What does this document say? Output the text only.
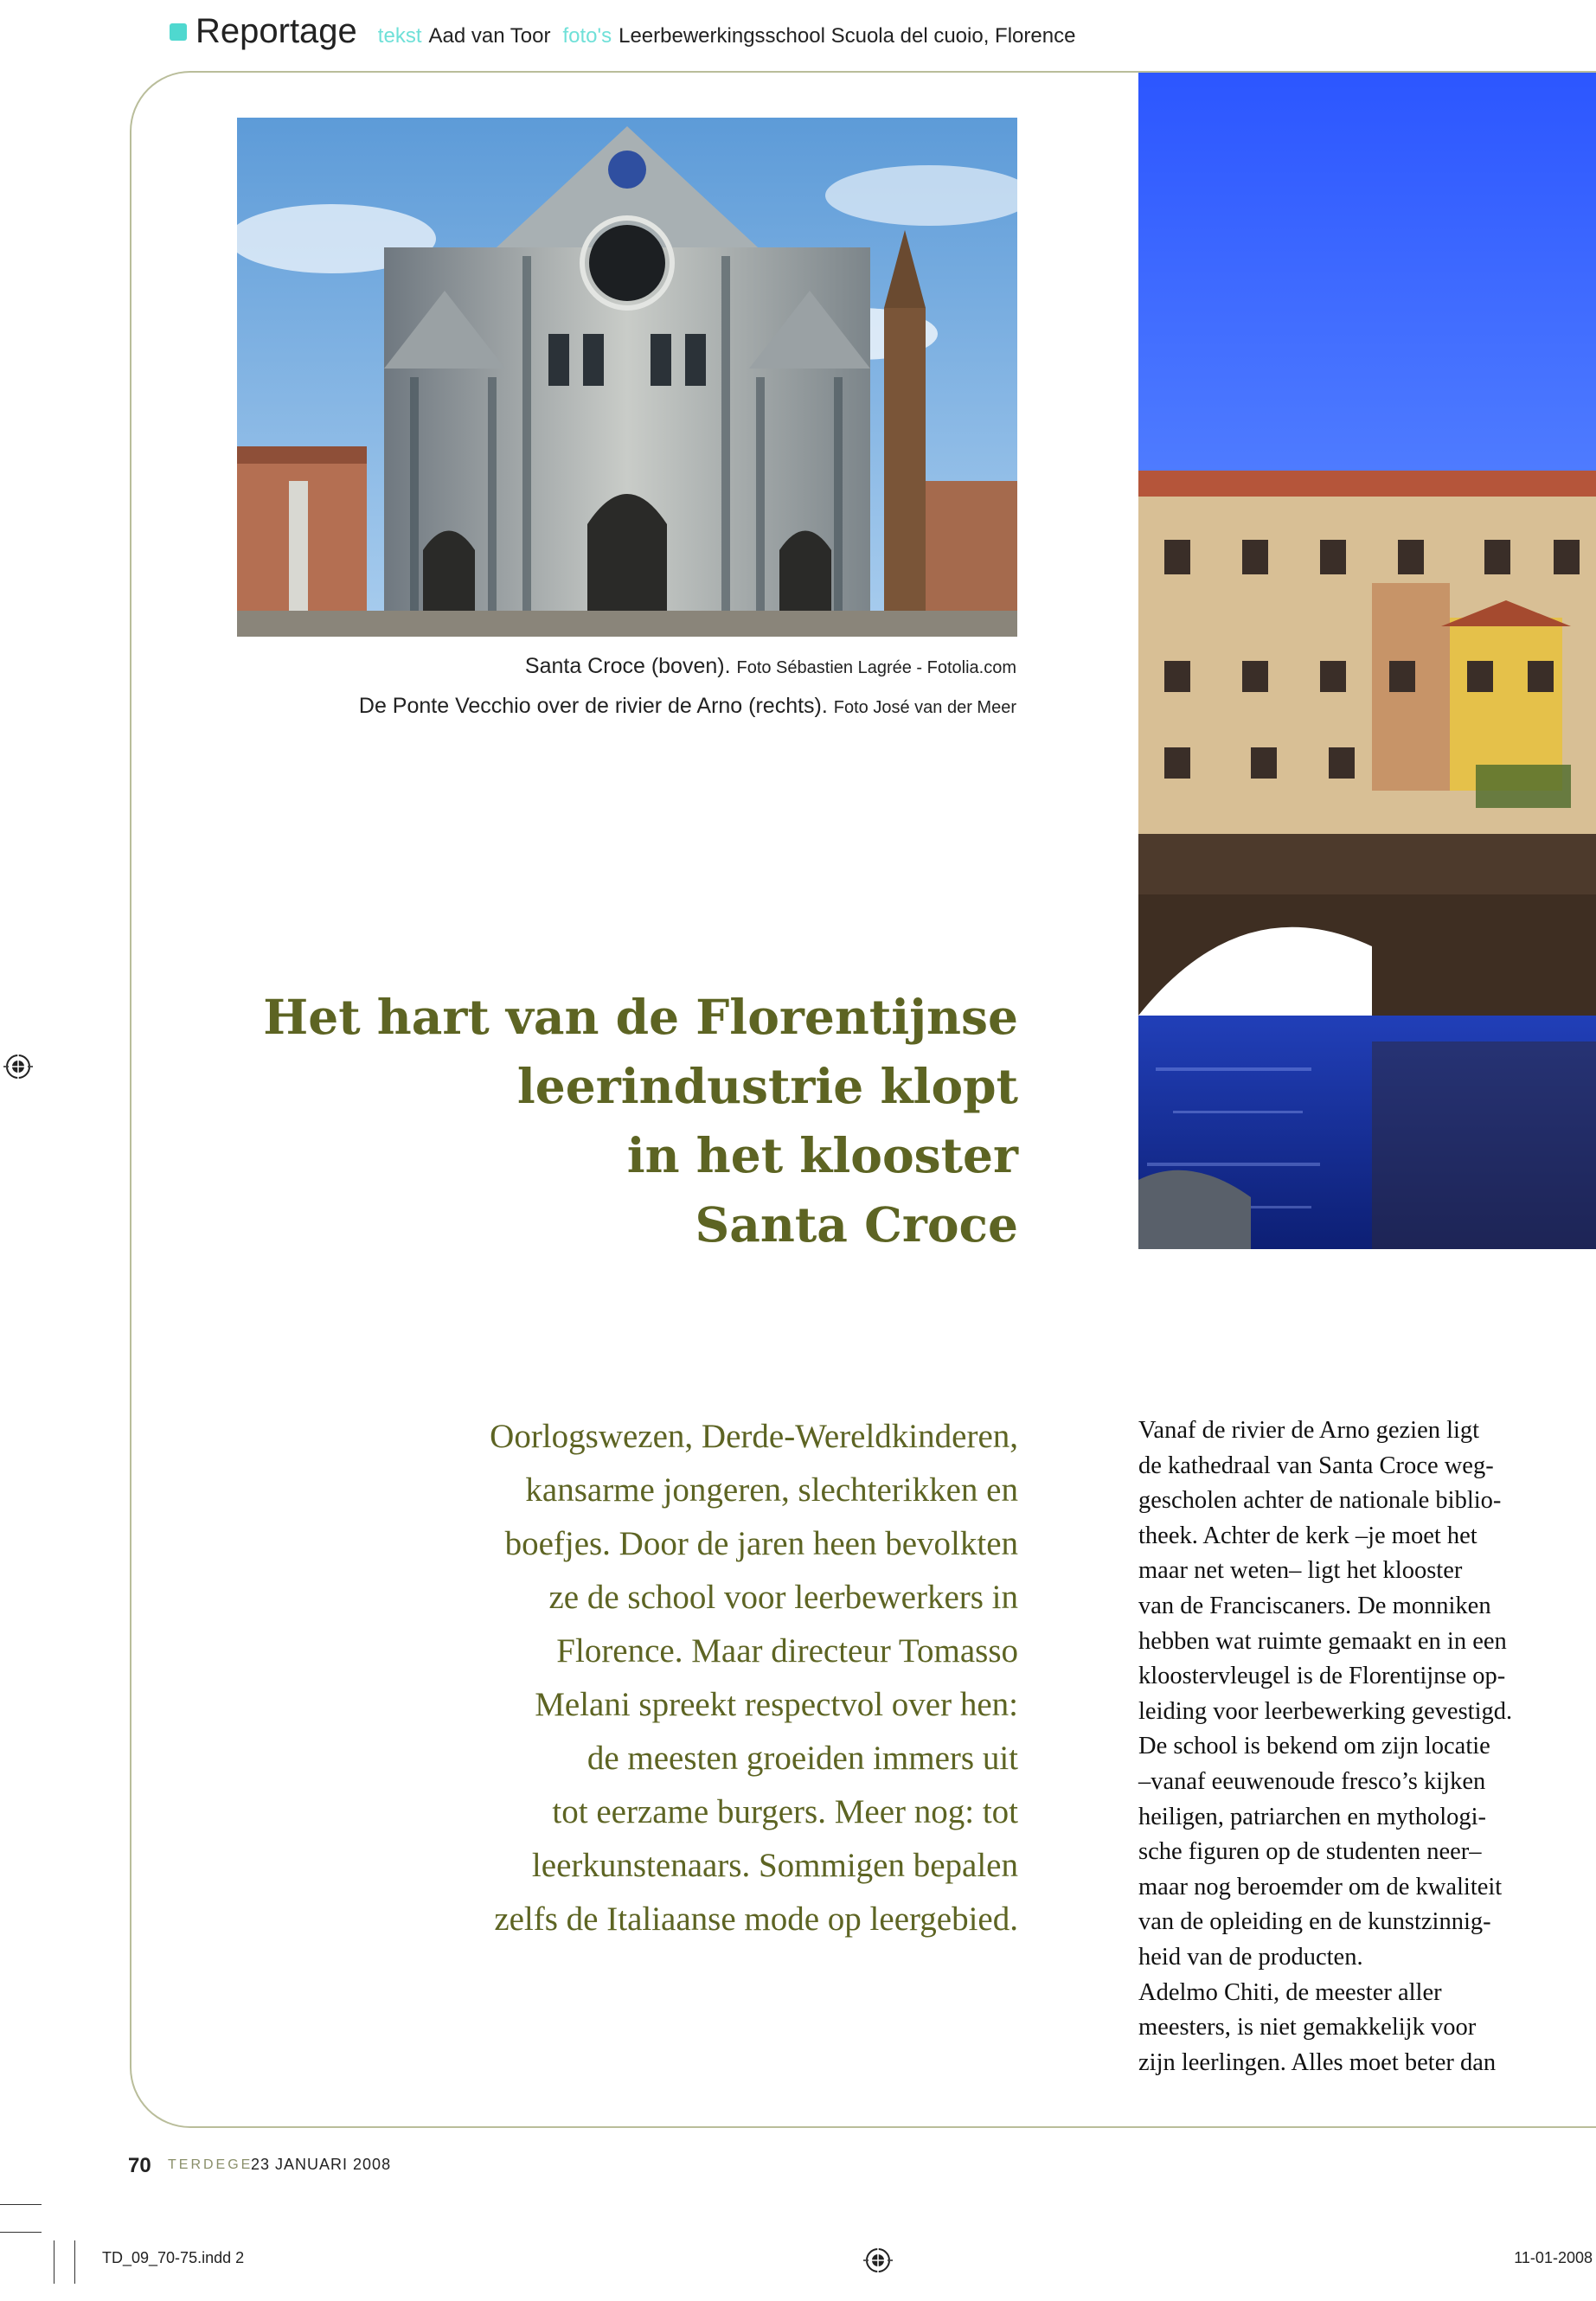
Reportage tekst Aad van Toor foto's Leerbewerkingsschool Scuola del cuoio, Florence
Santa Croce (boven). Foto Sébastien Lagrée - Fotolia.com
De Ponte Vecchio over de rivier de Arno (rechts). Foto José van der Meer
Het hart van de Florentijnse
leerindustrie klopt
in het klooster
Santa Croce
Oorlogswezen, Derde-Wereldkinderen,
kansarme jongeren, slechterikken en
boefjes. Door de jaren heen bevolkten
ze de school voor leerbewerkers in
Florence. Maar directeur Tomasso
Melani spreekt respectvol over hen:
de meesten groeiden immers uit
tot eerzame burgers. Meer nog: tot
leerkunstenaars. Sommigen bepalen
zelfs de Italiaanse mode op leergebied.
Vanaf de rivier de Arno gezien ligt
de kathedraal van Santa Croce weg-
gescholen achter de nationale biblio-
theek. Achter de kerk –je moet het
maar net weten– ligt het klooster
van de Franciscaners. De monniken
hebben wat ruimte gemaakt en in een
kloostervleugel is de Florentijnse op-
leiding voor leerbewerking gevestigd.
De school is bekend om zijn locatie
–vanaf eeuwenoude fresco’s kijken
heiligen, patriarchen en mythologi-
sche figuren op de studenten neer–
maar nog beroemder om de kwaliteit
van de opleiding en de kunstzinnig-
heid van de producten.
Adelmo Chiti, de meester aller
meesters, is niet gemakkelijk voor
zijn leerlingen. Alles moet beter dan
70 TERDEGE
23 JANUARI 2008
TD_09_70-75.indd 2	11-01-2008
